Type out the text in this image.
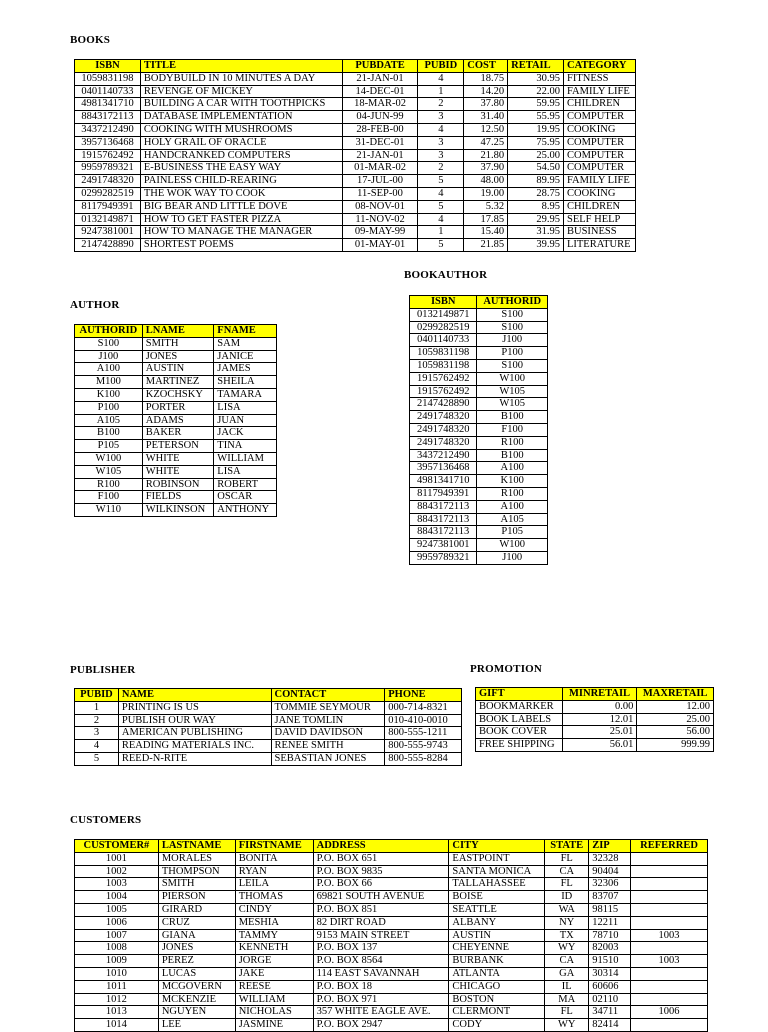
BOOKS
ISBN	TITLE	PUBDATE	PUBID	COST	RETAIL	CATEGORY
1059831198	BODYBUILD IN 10 MINUTES A DAY	21-JAN-01	4	18.75	30.95	FITNESS
0401140733	REVENGE OF MICKEY	14-DEC-01	1	14.20	22.00	FAMILY LIFE
4981341710	BUILDING A CAR WITH TOOTHPICKS	18-MAR-02	2	37.80	59.95	CHILDREN
8843172113	DATABASE IMPLEMENTATION	04-JUN-99	3	31.40	55.95	COMPUTER
3437212490	COOKING WITH MUSHROOMS	28-FEB-00	4	12.50	19.95	COOKING
3957136468	HOLY GRAIL OF ORACLE	31-DEC-01	3	47.25	75.95	COMPUTER
1915762492	HANDCRANKED COMPUTERS	21-JAN-01	3	21.80	25.00	COMPUTER
9959789321	E-BUSINESS THE EASY WAY	01-MAR-02	2	37.90	54.50	COMPUTER
2491748320	PAINLESS CHILD-REARING	17-JUL-00	5	48.00	89.95	FAMILY LIFE
0299282519	THE WOK WAY TO COOK	11-SEP-00	4	19.00	28.75	COOKING
8117949391	BIG BEAR AND LITTLE DOVE	08-NOV-01	5	5.32	8.95	CHILDREN
0132149871	HOW TO GET FASTER PIZZA	11-NOV-02	4	17.85	29.95	SELF HELP
9247381001	HOW TO MANAGE THE MANAGER	09-MAY-99	1	15.40	31.95	BUSINESS
2147428890	SHORTEST POEMS	01-MAY-01	5	21.85	39.95	LITERATURE
BOOKAUTHOR
ISBN	AUTHORID
0132149871	S100
0299282519	S100
0401140733	J100
1059831198	P100
1059831198	S100
1915762492	W100
1915762492	W105
2147428890	W105
2491748320	B100
2491748320	F100
2491748320	R100
3437212490	B100
3957136468	A100
4981341710	K100
8117949391	R100
8843172113	A100
8843172113	A105
8843172113	P105
9247381001	W100
9959789321	J100
AUTHOR
AUTHORID	LNAME	FNAME
S100	SMITH	SAM
J100	JONES	JANICE
A100	AUSTIN	JAMES
M100	MARTINEZ	SHEILA
K100	KZOCHSKY	TAMARA
P100	PORTER	LISA
A105	ADAMS	JUAN
B100	BAKER	JACK
P105	PETERSON	TINA
W100	WHITE	WILLIAM
W105	WHITE	LISA
R100	ROBINSON	ROBERT
F100	FIELDS	OSCAR
W110	WILKINSON	ANTHONY
PUBLISHER
PUBID	NAME	CONTACT	PHONE
1	PRINTING IS US	TOMMIE SEYMOUR	000-714-8321
2	PUBLISH OUR WAY	JANE TOMLIN	010-410-0010
3	AMERICAN PUBLISHING	DAVID DAVIDSON	800-555-1211
4	READING MATERIALS INC.	RENEE SMITH	800-555-9743
5	REED-N-RITE	SEBASTIAN JONES	800-555-8284
PROMOTION
GIFT	MINRETAIL	MAXRETAIL
BOOKMARKER	0.00	12.00
BOOK LABELS	12.01	25.00
BOOK COVER	25.01	56.00
FREE SHIPPING	56.01	999.99
CUSTOMERS
CUSTOMER#	LASTNAME	FIRSTNAME	ADDRESS	CITY	STATE	ZIP	REFERRED
1001	MORALES	BONITA	P.O. BOX 651	EASTPOINT	FL	32328	
1002	THOMPSON	RYAN	P.O. BOX 9835	SANTA MONICA	CA	90404	
1003	SMITH	LEILA	P.O. BOX 66	TALLAHASSEE	FL	32306	
1004	PIERSON	THOMAS	69821 SOUTH AVENUE	BOISE	ID	83707	
1005	GIRARD	CINDY	P.O. BOX 851	SEATTLE	WA	98115	
1006	CRUZ	MESHIA	82 DIRT ROAD	ALBANY	NY	12211	
1007	GIANA	TAMMY	9153 MAIN STREET	AUSTIN	TX	78710	1003
1008	JONES	KENNETH	P.O. BOX 137	CHEYENNE	WY	82003	
1009	PEREZ	JORGE	P.O. BOX 8564	BURBANK	CA	91510	1003
1010	LUCAS	JAKE	114 EAST SAVANNAH	ATLANTA	GA	30314	
1011	MCGOVERN	REESE	P.O. BOX 18	CHICAGO	IL	60606	
1012	MCKENZIE	WILLIAM	P.O. BOX 971	BOSTON	MA	02110	
1013	NGUYEN	NICHOLAS	357 WHITE EAGLE AVE.	CLERMONT	FL	34711	1006
1014	LEE	JASMINE	P.O. BOX 2947	CODY	WY	82414	
